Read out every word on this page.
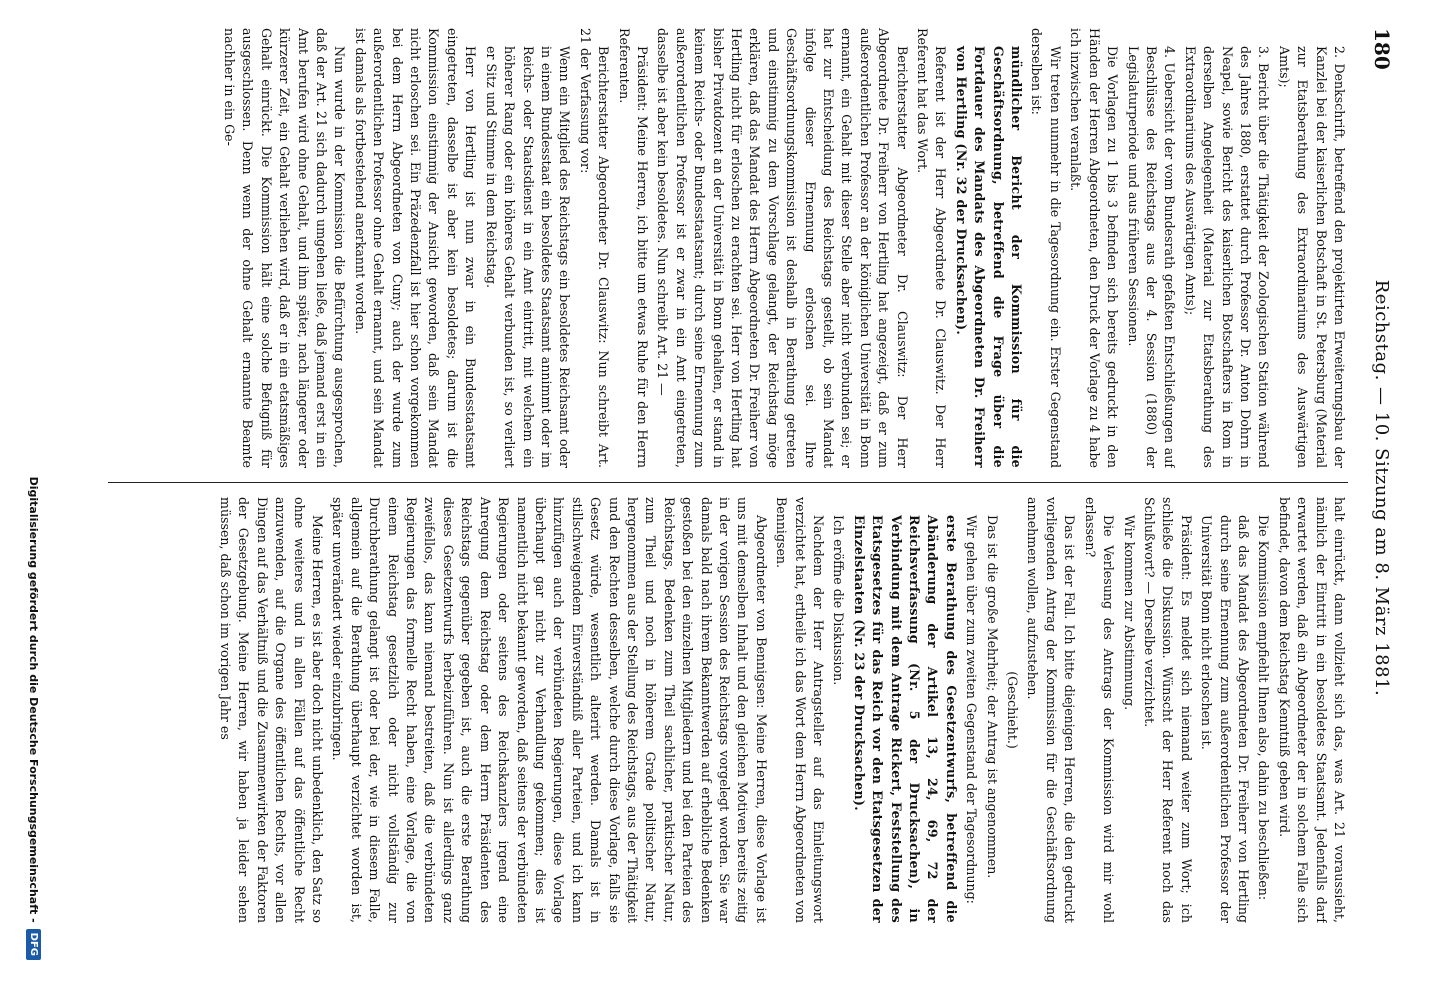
180
Reichstag. — 10. Sitzung am 8. März 1881.

2. Denkschrift, betreffend den projektirten Erweiterungsbau der Kanzlei bei der kaiserlichen Botschaft in St. Petersburg (Material zur Etatsberathung des Extraordinariums des Auswärtigen Amts);

3. Bericht über die Thätigkeit der Zoologischen Station während des Jahres 1880, erstattet durch Professor Dr. Anton Dohrn in Neapel, sowie Bericht des kaiserlichen Botschafters in Rom in derselben Angelegenheit (Material zur Etatsberathung des Extraordinariums des Auswärtigen Amts);

4. Uebersicht der vom Bundesrath gefaßten Entschließungen auf Beschlüsse des Reichstags aus der 4. Session (1880) der Legislaturperiode und aus früheren Sessionen.

Die Vorlagen zu 1 bis 3 befinden sich bereits gedruckt in den Händen der Herren Abgeordneten, den Druck der Vorlage zu 4 habe ich inzwischen veranlaßt.

Wir treten nunmehr in die Tagesordnung ein. Erster Gegenstand derselben ist:

mündlicher Bericht der Kommission für die Geschäftsordnung, betreffend die Frage über die Fortdauer des Mandats des Abgeordneten Dr. Freiherr von Hertling (Nr. 32 der Drucksachen).

Referent ist der Herr Abgeordnete Dr. Clauswitz. Der Herr Referent hat das Wort.

Berichterstatter Abgeordneter Dr. Clauswitz: Der Herr Abgeordnete Dr. Freiherr von Hertling hat angezeigt, daß er zum außerordentlichen Professor an der königlichen Universität in Bonn ernannt, ein Gehalt mit dieser Stelle aber nicht verbunden sei; er hat zur Entscheidung des Reichstags gestellt, ob sein Mandat infolge dieser Ernennung erloschen sei. Ihre Geschäftsordnungskommission ist deshalb in Berathung getreten und einstimmig zu dem Vorschlage gelangt, der Reichstag möge erklären, daß das Mandat des Herrn Abgeordneten Dr. Freiherr von Hertling nicht für erloschen zu erachten sei. Herr von Hertling hat bisher Privatdozent an der Universität in Bonn gehalten, er stand in keinem Reichs- oder Bundesstaatsamt; durch seine Ernennung zum außerordentlichen Professor ist er zwar in ein Amt eingetreten, dasselbe ist aber kein besoldetes. Nun schreibt Art. 21 —

Präsident: Meine Herren, ich bitte um etwas Ruhe für den Herrn Referenten.

Berichterstatter Abgeordneter Dr. Clauswitz: Nun schreibt Art. 21 der Verfassung vor:

Wenn ein Mitglied des Reichstags ein besoldetes Reichsamt oder in einem Bundesstaat ein besoldetes Staatsamt annimmt oder im Reichs- oder Staatsdienst in ein Amt eintritt, mit welchem ein höherer Rang oder ein höheres Gehalt verbunden ist, so verliert er Sitz und Stimme in dem Reichstag.

Herr von Hertling ist nun zwar in ein Bundesstaatsamt eingetreten, dasselbe ist aber kein besoldetes; darum ist die Kommission einstimmig der Ansicht geworden, daß sein Mandat nicht erloschen sei. Ein Präzedenzfall ist hier schon vorgekommen bei dem Herrn Abgeordneten von Cuny; auch der wurde zum außerordentlichen Professor ohne Gehalt ernannt, und sein Mandat ist damals als fortbestehend anerkannt worden.

Nun wurde in der Kommission die Befürchtung ausgesprochen, daß der Art. 21 sich dadurch umgehen ließe, daß jemand erst in ein Amt berufen wird ohne Gehalt, und ihm später, nach längerer oder kürzerer Zeit, ein Gehalt verliehen wird, daß er in ein etatsmäßiges Gehalt einrückt. Die Kommission hält eine solche Befugniß für ausgeschlossen. Denn wenn der ohne Gehalt ernannte Beamte nachher in ein Ge-

halt einrückt, dann vollzieht sich das, was Art. 21 voraussieht, nämlich der Eintritt in ein besoldetes Staatsamt. Jedenfalls darf erwartet werden, daß ein Abgeordneter der in solchem Falle sich befindet, davon dem Reichstag Kenntniß geben wird.

Die Kommission empfiehlt Ihnen also, dahin zu beschließen:

daß das Mandat des Abgeordneten Dr. Freiherr von Hertling durch seine Ernennung zum außerordentlichen Professor der Universität Bonn nicht erloschen ist.

Präsident: Es meldet sich niemand weiter zum Wort; ich schließe die Diskussion. Wünscht der Herr Referent noch das Schlußwort? — Derselbe verzichtet.

Wir kommen zur Abstimmung.

Die Verlesung des Antrags der Kommission wird mir wohl erlassen?

Das ist der Fall. Ich bitte diejenigen Herren, die den gedruckt vorliegenden Antrag der Kommission für die Geschäftsordnung annehmen wollen, aufzustehen.

(Geschieht.)

Das ist die große Mehrheit; der Antrag ist angenommen.

Wir gehen über zum zweiten Gegenstand der Tagesordnung:

erste Berathung des Gesetzentwurfs, betreffend die Abänderung der Artikel 13, 24, 69, 72 der Reichsverfassung (Nr. 5 der Drucksachen), in Verbindung mit dem Antrage Rickert, Feststellung des Etatsgesetzes für das Reich vor den Etatsgesetzen der Einzelstaaten (Nr. 23 der Drucksachen).

Ich eröffne die Diskussion.

Nachdem der Herr Antragsteller auf das Einleitungswort verzichtet hat, ertheile ich das Wort dem Herrn Abgeordneten von Bennigsen.

Abgeordneter von Bennigsen: Meine Herren, diese Vorlage ist uns mit demselben Inhalt und den gleichen Motiven bereits zeitig in der vorigen Session des Reichstags vorgelegt worden. Sie war damals bald nach ihrem Bekanntwerden auf erhebliche Bedenken gestoßen bei den einzelnen Mitgliedern und bei den Parteien des Reichstags, Bedenken zum Theil sachlicher, praktischer Natur, zum Theil und noch in höherem Grade politischer Natur, hergenommen aus der Stellung des Reichstags, aus der Thätigkeit und den Rechten desselben, welche durch diese Vorlage, falls sie Gesetz würde, wesentlich alterirt werden. Damals ist in stillschweigendem Einverständniß aller Parteien, und ich kann hinzufügen auch der verbündeten Regierungen, diese Vorlage überhaupt gar nicht zur Verhandlung gekommen; dies ist namentlich nicht bekannt geworden, daß seitens der verbündeten Regierungen oder seitens des Reichskanzlers irgend eine Anregung dem Reichstag oder dem Herrn Präsidenten des Reichstags gegenüber gegeben ist, auch die erste Berathung dieses Gesetzentwurfs herbeizuführen. Nun ist allerdings ganz zweifellos, das kann niemand bestreiten, daß die verbündeten Regierungen das formelle Recht haben, eine Vorlage, die von einem Reichstag gesetzlich oder nicht vollständig zur Durchberathung gelangt ist oder bei der, wie in diesem Falle, allgemein auf die Berathung überhaupt verzichtet worden ist, später unverändert wieder einzubringen.

Meine Herren, es ist aber doch nicht unbedenklich, den Satz so ohne weiteres und in allen Fällen auf das öffentliche Recht anzuwenden, auf die Organe des öffentlichen Rechts, vor allen Dingen auf das Verhältniß und die Zusammenwirken der Faktoren der Gesetzgebung. Meine Herren, wir haben ja leider sehen müssen, daß schon im vorigen Jahr es

Digitalisierung gefördert durch die Deutsche Forschungsgemeinschaft -
DFG
